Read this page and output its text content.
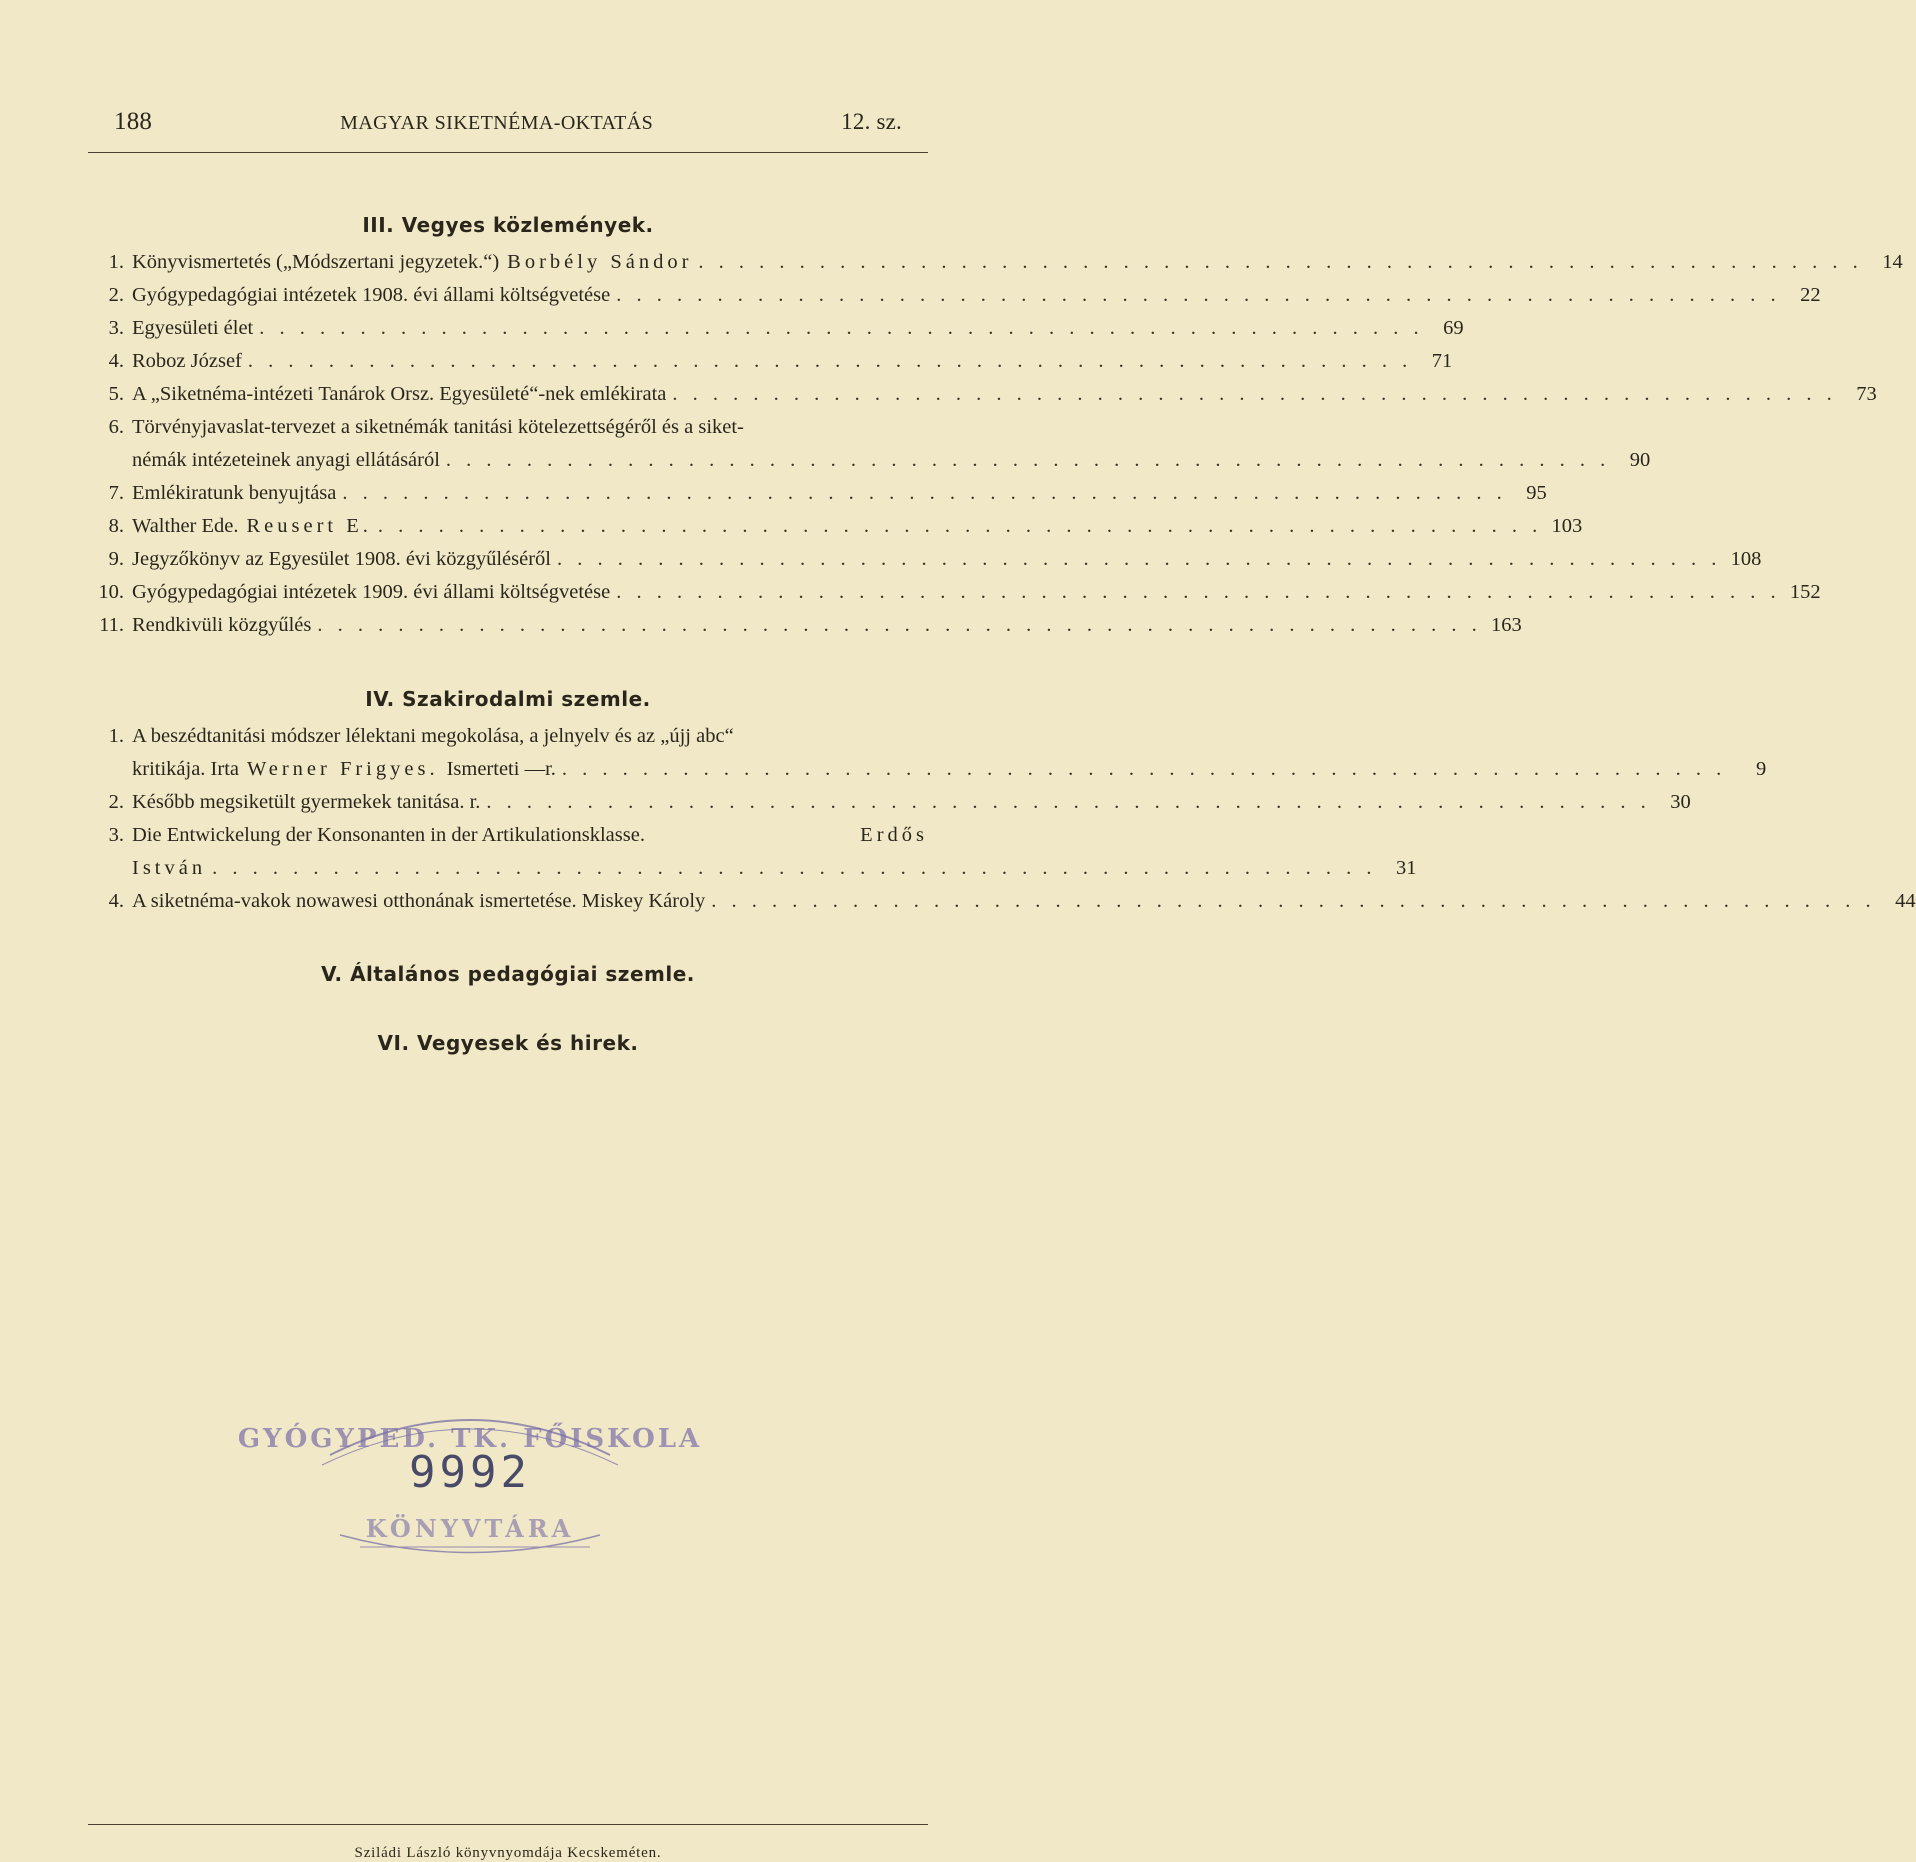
188	MAGYAR SIKETNÉMA-OKTATÁS	12. sz.
III. Vegyes közlemények.
1. Könyvismertetés („Módszertani jegyzetek.“) Borbély Sándor . . . . . . . . . . . . . . . . . . . . . . . . . . . . . . . . . . . . . . . . . . . . . . . . . . . . . . . . . . 14
2. Gyógypedagógiai intézetek 1908. évi állami költségvetése . . . . . . . . . . . . . . . . . . . . . . . . . . . . . . . . . . . . . . . . . . . . . . . . . . . . . . . . . . 22
3. Egyesületi élet . . . . . . . . . . . . . . . . . . . . . . . . . . . . . . . . . . . . . . . . . . . . . . . . . . . . . . . . . . 69
4. Roboz József . . . . . . . . . . . . . . . . . . . . . . . . . . . . . . . . . . . . . . . . . . . . . . . . . . . . . . . . . . 71
5. A „Siketnéma-intézeti Tanárok Orsz. Egyesületé“-nek emlékirata . . . . . . . . . . . . . . . . . . . . . . . . . . . . . . . . . . . . . . . . . . . . . . . . . . . . . . . . . . 73
6. Törvényjavaslat-tervezet a siketnémák tanitási kötelezettségéről és a siket-
némák intézeteinek anyagi ellátásáról . . . . . . . . . . . . . . . . . . . . . . . . . . . . . . . . . . . . . . . . . . . . . . . . . . . . . . . . . . 90
7. Emlékiratunk benyujtása . . . . . . . . . . . . . . . . . . . . . . . . . . . . . . . . . . . . . . . . . . . . . . . . . . . . . . . . . . 95
8. Walther Ede. Reusert E. . . . . . . . . . . . . . . . . . . . . . . . . . . . . . . . . . . . . . . . . . . . . . . . . . . . . . . . . . . 103
9. Jegyzőkönyv az Egyesület 1908. évi közgyűléséről . . . . . . . . . . . . . . . . . . . . . . . . . . . . . . . . . . . . . . . . . . . . . . . . . . . . . . . . . . 108
10. Gyógypedagógiai intézetek 1909. évi állami költségvetése . . . . . . . . . . . . . . . . . . . . . . . . . . . . . . . . . . . . . . . . . . . . . . . . . . . . . . . . . . 152
11. Rendkivüli közgyűlés . . . . . . . . . . . . . . . . . . . . . . . . . . . . . . . . . . . . . . . . . . . . . . . . . . . . . . . . . . 163
IV. Szakirodalmi szemle.
1. A beszédtanitási módszer lélektani megokolása, a jelnyelv és az „újj abc“
kritikája. Irta Werner Frigyes. Ismerteti —r. . . . . . . . . . . . . . . . . . . . . . . . . . . . . . . . . . . . . . . . . . . . . . . . . . . . . . . . . . .	9
2. Később megsiketült gyermekek tanitása. r. . . . . . . . . . . . . . . . . . . . . . . . . . . . . . . . . . . . . . . . . . . . . . . . . . . . . . . . . . . 30
3. Die Entwickelung der Konsonanten in der Artikulationsklasse.	Erdős
István . . . . . . . . . . . . . . . . . . . . . . . . . . . . . . . . . . . . . . . . . . . . . . . . . . . . . . . . . . 31
4. A siketnéma-vakok nowawesi otthonának ismertetése. Miskey Károly . . . . . . . . . . . . . . . . . . . . . . . . . . . . . . . . . . . . . . . . . . . . . . . . . . . . . . . . . . 44
V. Általános pedagógiai szemle.
VI. Vegyesek és hirek.
GYÓGYPED. TK. FŐISKOLA
9992
KÖNYVTÁRA
Sziládi László könyvnyomdája Kecskeméten.
